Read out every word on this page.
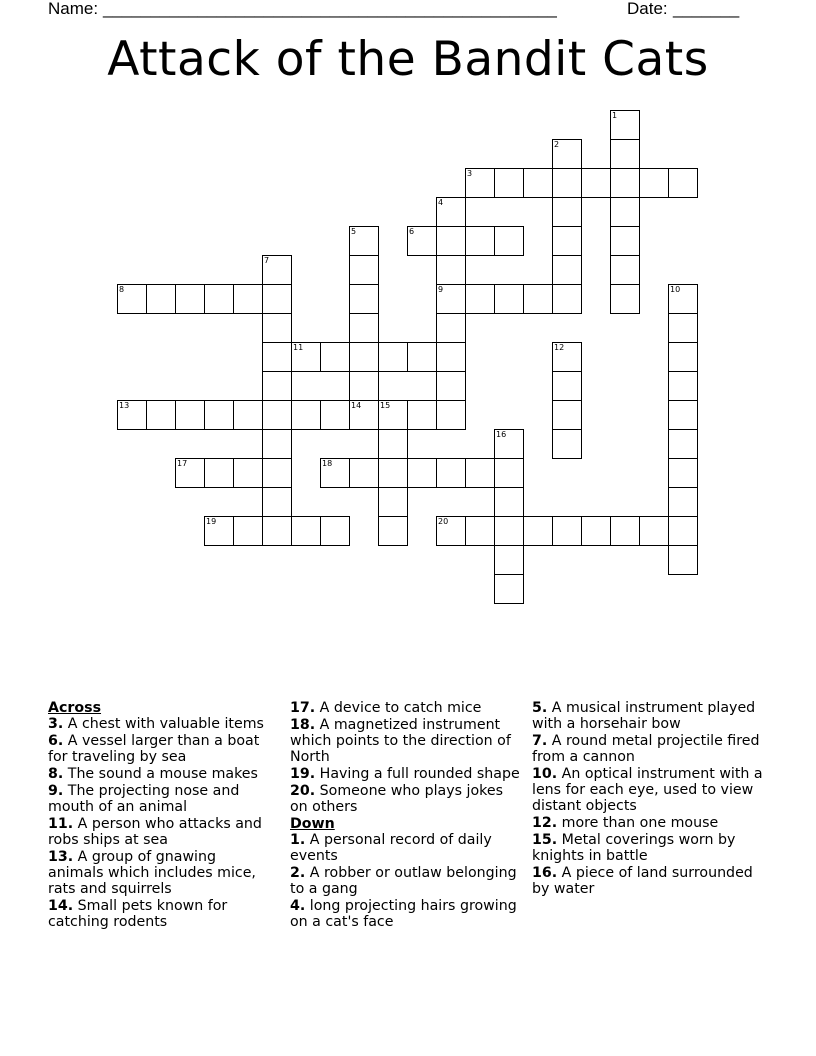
Name: ________________________________________________	Date: _______
Attack of the Bandit Cats
1
2
3
4
9
5	6
7
8	10
11	12
13	14 15
16
17	18
19	20

Across

3. A chest with valuable items

6. A vessel larger than a boat for traveling by sea

8. The sound a mouse makes

9. The projecting nose and mouth of an animal

11. A person who attacks and robs ships at sea

13. A group of gnawing animals which includes mice, rats and squirrels

14. Small pets known for catching rodents

17. A device to catch mice

18. A magnetized instrument which points to the direction of North

19. Having a full rounded shape

20. Someone who plays jokes on others

Down

1. A personal record of daily events

2. A robber or outlaw belonging to a gang

4. long projecting hairs growing on a cat's face

5. A musical instrument played with a horsehair bow

7. A round metal projectile fired from a cannon

10. An optical instrument with a lens for each eye, used to view distant objects

12. more than one mouse

15. Metal coverings worn by knights in battle

16. A piece of land surrounded by water
